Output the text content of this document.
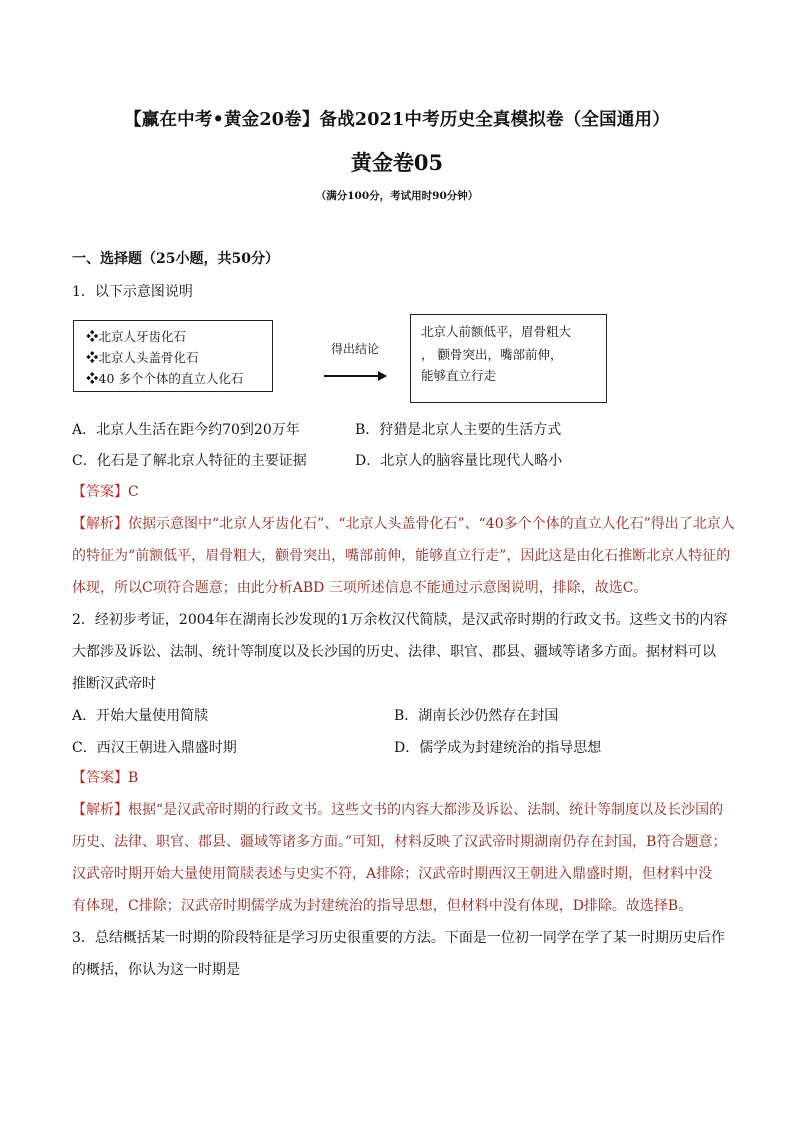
【赢在中考•黄金20卷】备战2021中考历史全真模拟卷（全国通用）
黄金卷05
（满分100分，考试用时90分钟）
一、选择题（25小题，共50分）
1．以下示意图说明
❖北京人牙齿化石
❖北京人头盖骨化石
❖40 多个个体的直立人化石
得出结论
北京人前额低平，眉骨粗大
， 颧骨突出，嘴部前伸，
能够直立行走
A．北京人生活在距今约70到20万年	B．狩猎是北京人主要的生活方式
C．化石是了解北京人特征的主要证据	D．北京人的脑容量比现代人略小
【答案】C
【解析】依据示意图中“北京人牙齿化石”、“北京人头盖骨化石”、“40多个个体的直立人化石”得出了北京人
的特征为“前额低平，眉骨粗大，颧骨突出，嘴部前伸，能够直立行走”，因此这是由化石推断北京人特征的
体现，所以C项符合题意；由此分析ABD 三项所述信息不能通过示意图说明，排除，故选C。
2．经初步考证，2004年在湖南长沙发现的1万余枚汉代简牍，是汉武帝时期的行政文书。这些文书的内容
大都涉及诉讼、法制、统计等制度以及长沙国的历史、法律、职官、郡县、疆域等诸多方面。据材料可以
推断汉武帝时
A．开始大量使用简牍	B．湖南长沙仍然存在封国
C．西汉王朝进入鼎盛时期	D．儒学成为封建统治的指导思想
【答案】B
【解析】根据“是汉武帝时期的行政文书。这些文书的内容大都涉及诉讼、法制、统计等制度以及长沙国的
历史、法律、职官、郡县、疆域等诸多方面。”可知，材料反映了汉武帝时期湖南仍存在封国，B符合题意；
汉武帝时期开始大量使用简牍表述与史实不符，A排除；汉武帝时期西汉王朝进入鼎盛时期，但材料中没
有体现，C排除；汉武帝时期儒学成为封建统治的指导思想，但材料中没有体现，D排除。故选择B。
3．总结概括某一时期的阶段特征是学习历史很重要的方法。下面是一位初一同学在学了某一时期历史后作
的概括，你认为这一时期是
